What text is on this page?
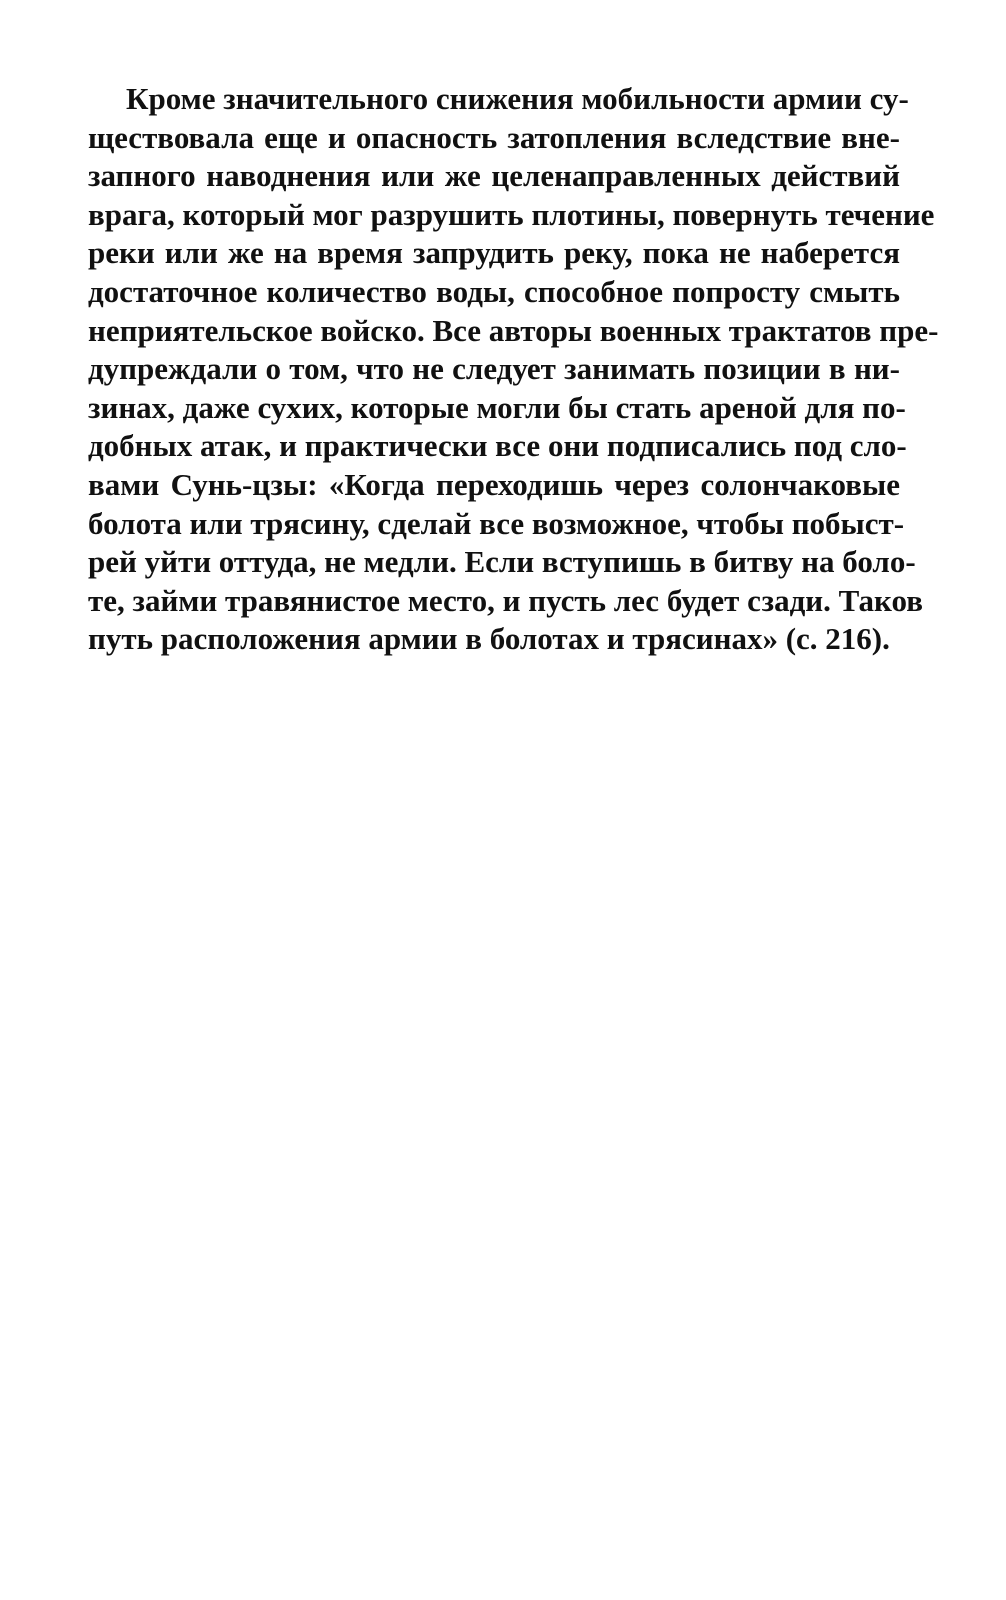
Кроме значительного снижения мобильности армии су-
ществовала еще и опасность затопления вследствие вне-
запного наводнения или же целенаправленных действий
врага, который мог разрушить плотины, повернуть течение
реки или же на время запрудить реку, пока не наберется
достаточное количество воды, способное попросту смыть
неприятельское войско. Все авторы военных трактатов пре-
дупреждали о том, что не следует занимать позиции в ни-
зинах, даже сухих, которые могли бы стать ареной для по-
добных атак, и практически все они подписались под сло-
вами Сунь-цзы: «Когда переходишь через солончаковые
болота или трясину, сделай все возможное, чтобы побыст-
рей уйти оттуда, не медли. Если вступишь в битву на боло-
те, займи травянистое место, и пусть лес будет сзади. Таков
путь расположения армии в болотах и трясинах» (с. 216).
